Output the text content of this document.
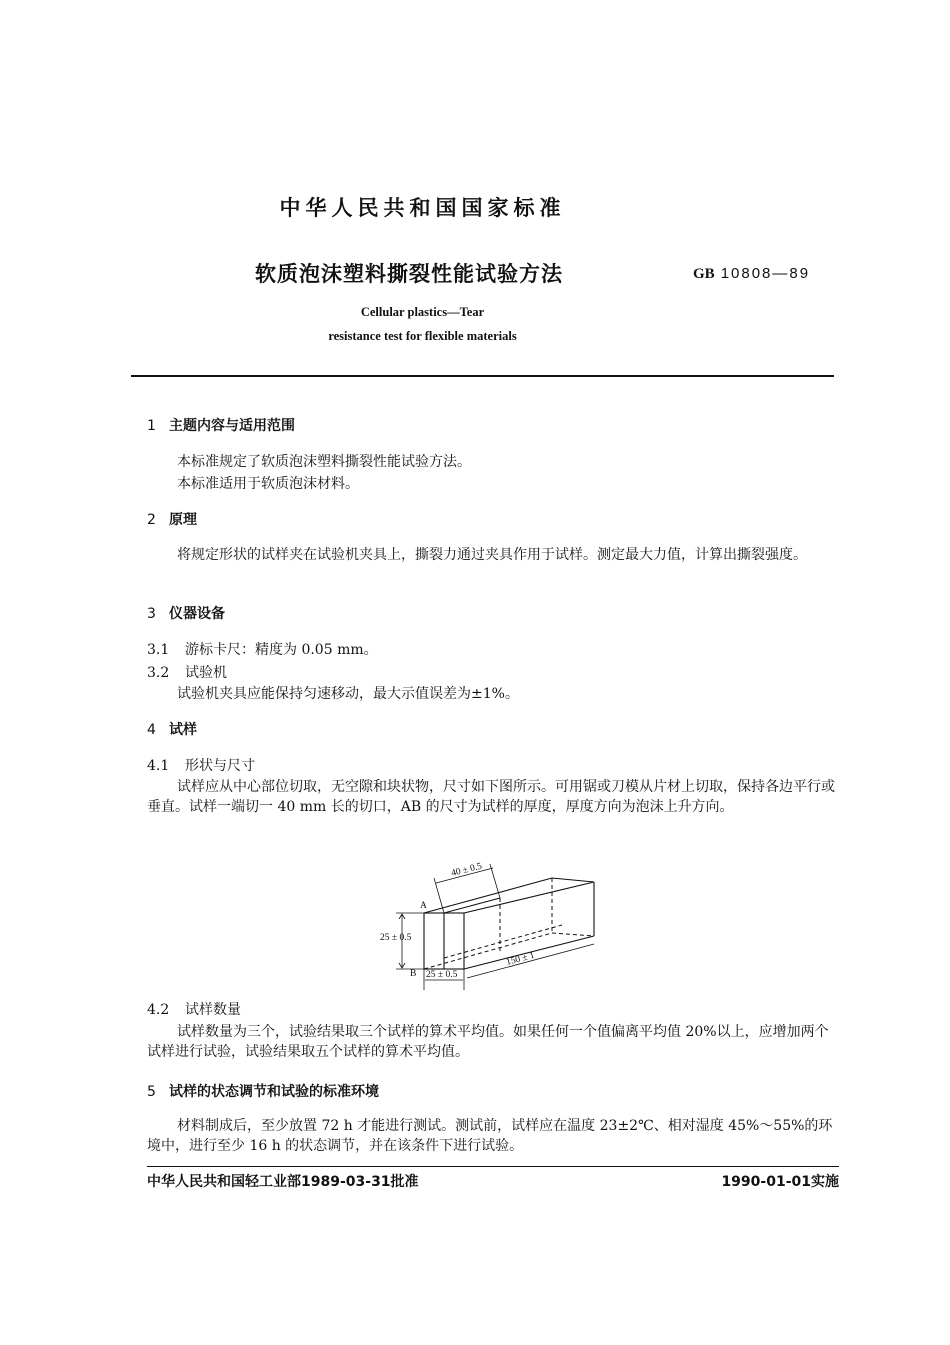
中华人民共和国国家标准
软质泡沫塑料撕裂性能试验方法	GB 10808—89
Cellular plastics—Tear
resistance test for flexible materials
1 主题内容与适用范围
本标准规定了软质泡沫塑料撕裂性能试验方法。
本标准适用于软质泡沫材料。
2 原理
将规定形状的试样夹在试验机夹具上，撕裂力通过夹具作用于试样。测定最大力值，计算出撕裂强度。
3 仪器设备
3.1 游标卡尺：精度为 0.05 mm。
3.2 试验机
试验机夹具应能保持匀速移动，最大示值误差为±1%。
4 试样
4.1 形状与尺寸
试样应从中心部位切取，无空隙和块状物，尺寸如下图所示。可用锯或刀模从片材上切取，保持各边平行或垂直。试样一端切一 40 mm 长的切口，AB 的尺寸为试样的厚度，厚度方向为泡沫上升方向。
40 ± 0.5
A
B
25 ± 0.5
25 ± 0.5
150 ± 1
4.2 试样数量
试样数量为三个，试验结果取三个试样的算术平均值。如果任何一个值偏离平均值 20%以上，应增加两个试样进行试验，试验结果取五个试样的算术平均值。
5 试样的状态调节和试验的标准环境
材料制成后，至少放置 72 h 才能进行测试。测试前，试样应在温度 23±2℃、相对湿度 45%～55%的环境中，进行至少 16 h 的状态调节，并在该条件下进行试验。
中华人民共和国轻工业部1989-03-31批准	1990-01-01实施
